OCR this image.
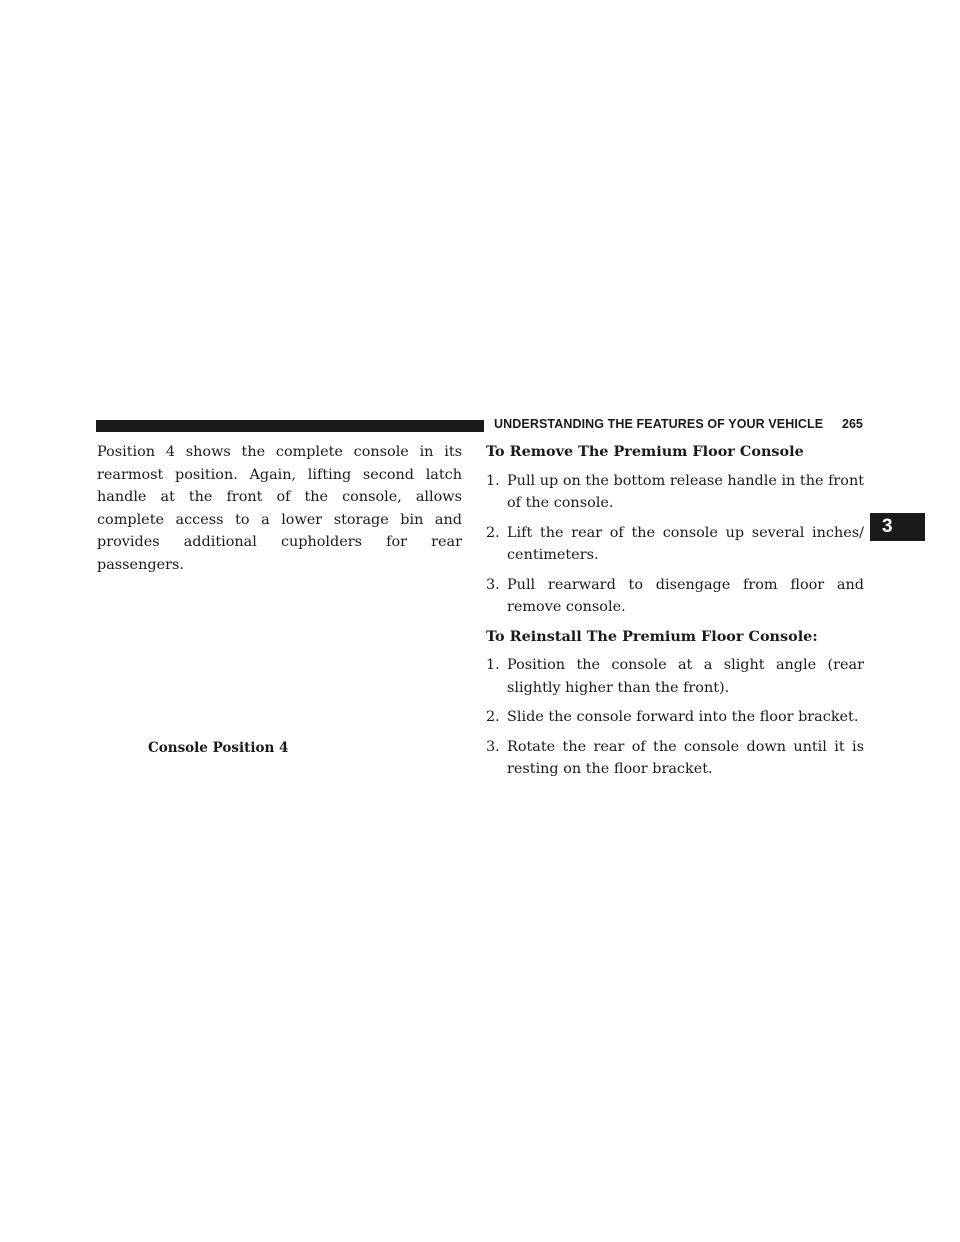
UNDERSTANDING THE FEATURES OF YOUR VEHICLE 265
3

Position 4 shows the complete console in its rearmost position. Again, lifting second latch handle at the front of the console, allows complete access to a lower storage bin and provides additional cupholders for rear passengers.

Console Position 4
To Remove The Premium Floor Console
1. Pull up on the bottom release handle in the front of the console.
2. Lift the rear of the console up several inches/ centimeters.
3. Pull rearward to disengage from floor and remove console.
To Reinstall The Premium Floor Console:
1. Position the console at a slight angle (rear slightly higher than the front).
2. Slide the console forward into the floor bracket.
3. Rotate the rear of the console down until it is resting on the floor bracket.
